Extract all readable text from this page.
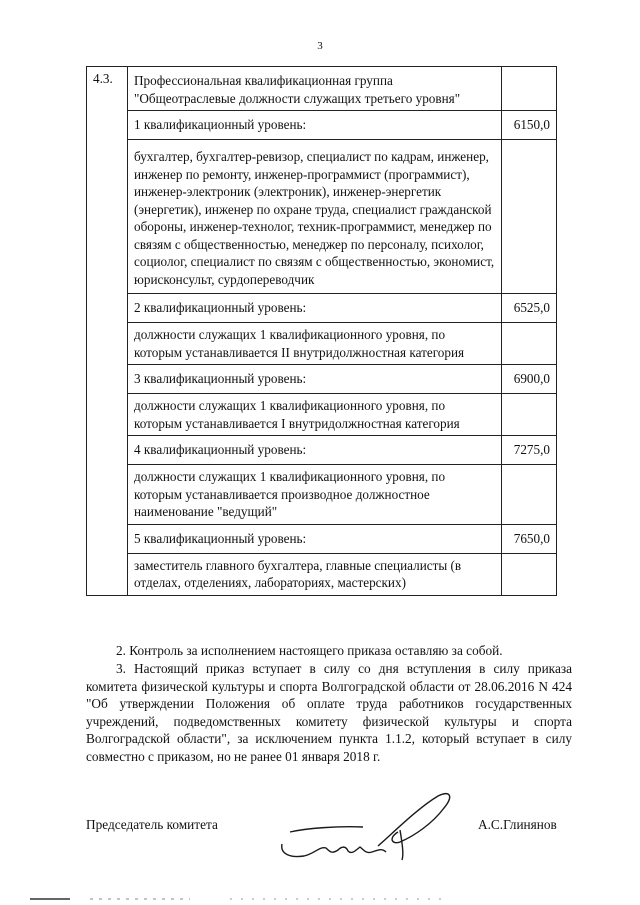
3
4.3.	Профессиональная квалификационная группа "Общеотраслевые должности служащих третьего уровня"	
	1 квалификационный уровень:	6150,0
	бухгалтер, бухгалтер-ревизор, специалист по кадрам, инженер, инженер по ремонту, инженер-программист (программист), инженер-электроник (электроник), инженер-энергетик (энергетик), инженер по охране труда, специалист гражданской обороны, инженер-технолог, техник-программист, менеджер по связям с общественностью, менеджер по персоналу, психолог, социолог, специалист по связям с общественностью, экономист, юрисконсульт, сурдопереводчик	
	2 квалификационный уровень:	6525,0
	должности служащих 1 квалификационного уровня, по которым устанавливается II внутридолжностная категория	
	3 квалификационный уровень:	6900,0
	должности служащих 1 квалификационного уровня, по которым устанавливается I внутридолжностная категория	
	4 квалификационный уровень:	7275,0
	должности служащих 1 квалификационного уровня, по которым устанавливается производное должностное наименование "ведущий"	
	5 квалификационный уровень:	7650,0
	заместитель главного бухгалтера, главные специалисты (в отделах, отделениях, лабораториях, мастерских)	
2. Контроль за исполнением настоящего приказа оставляю за собой.
3. Настоящий приказ вступает в силу со дня вступления в силу приказа комитета физической культуры и спорта Волгоградской области от 28.06.2016 N 424 "Об утверждении Положения об оплате труда работников государственных учреждений, подведомственных комитету физической культуры и спорта Волгоградской области", за исключением пункта 1.1.2, который вступает в силу совместно с приказом, но не ранее 01 января 2018 г.
Председатель комитета	А.С.Глинянов
